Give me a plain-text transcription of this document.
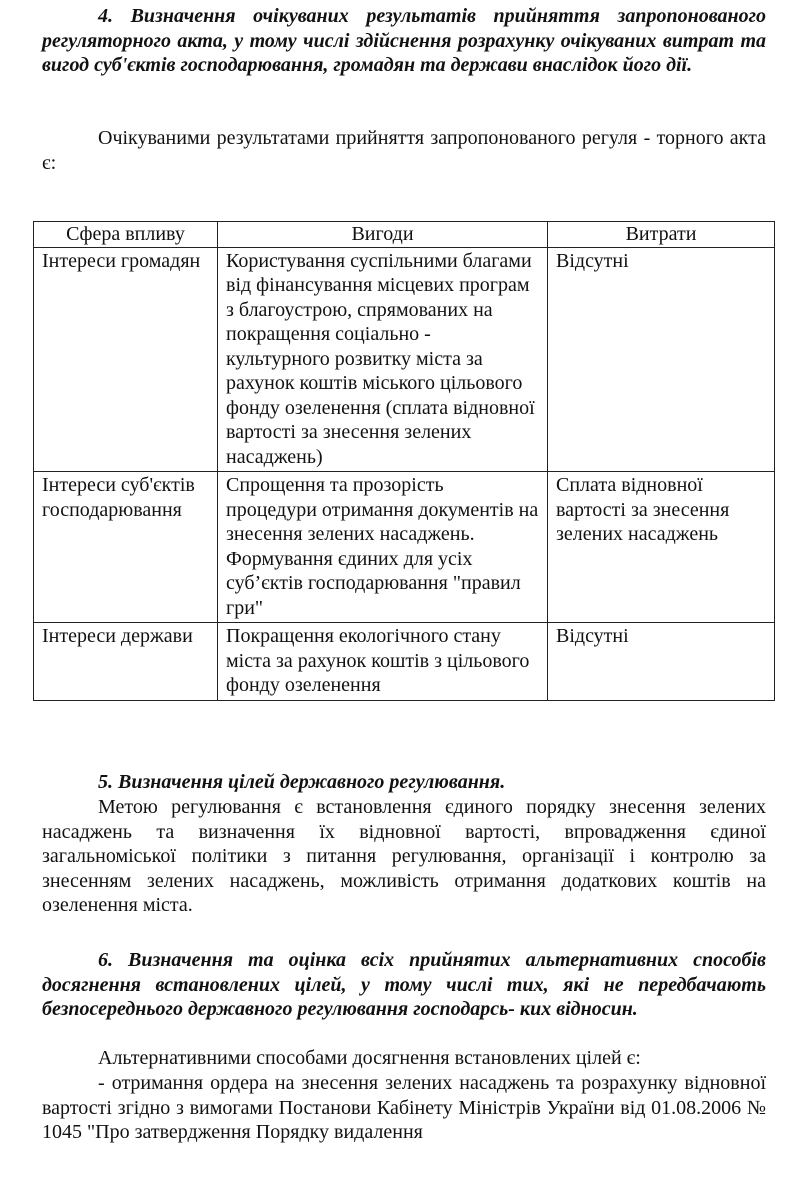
4. Визначення очікуваних результатів прийняття запропонованого регуляторного акта, у тому числі здійснення розрахунку очікуваних витрат та вигод суб'єктів господарювання, громадян та держави внаслідок його дії.

Очікуваними результатами прийняття запропонованого регуля - торного акта є:

Сфера впливу	Вигоди	Витрати
Інтереси громадян	Користування суспільними благами від фінансування місцевих програм з благоустрою, спрямованих на покращення соціально - культурного розвитку міста за рахунок коштів міського цільового фонду озеленення (сплата відновної вартості за знесення зелених насаджень)	Відсутні
Інтереси суб'єктів господарювання	Спрощення та прозорість процедури отримання документів на знесення зелених насаджень. Формування єдиних для усіх суб’єктів господарювання "правил гри"	Сплата відновної вартості за знесення зелених насаджень
Інтереси держави	Покращення екологічного стану міста за рахунок коштів з цільового фонду озеленення	Відсутні

5. Визначення цілей державного регулювання.

Метою регулювання є встановлення єдиного порядку знесення зелених насаджень та визначення їх відновної вартості, впровадження єдиної загальноміської політики з питання регулювання, організації і контролю за знесенням зелених насаджень, можливість отримання додаткових коштів на озеленення міста.

6. Визначення та оцінка всіх прийнятих альтернативних способів досягнення встановлених цілей, у тому числі тих, які не передбачають безпосереднього державного регулювання господарсь- ких відносин.

Альтернативними способами досягнення встановлених цілей є:

- отримання ордера на знесення зелених насаджень та розрахунку відновної вартості згідно з вимогами Постанови Кабінету Міністрів України від 01.08.2006 № 1045 "Про затвердження Порядку видалення
